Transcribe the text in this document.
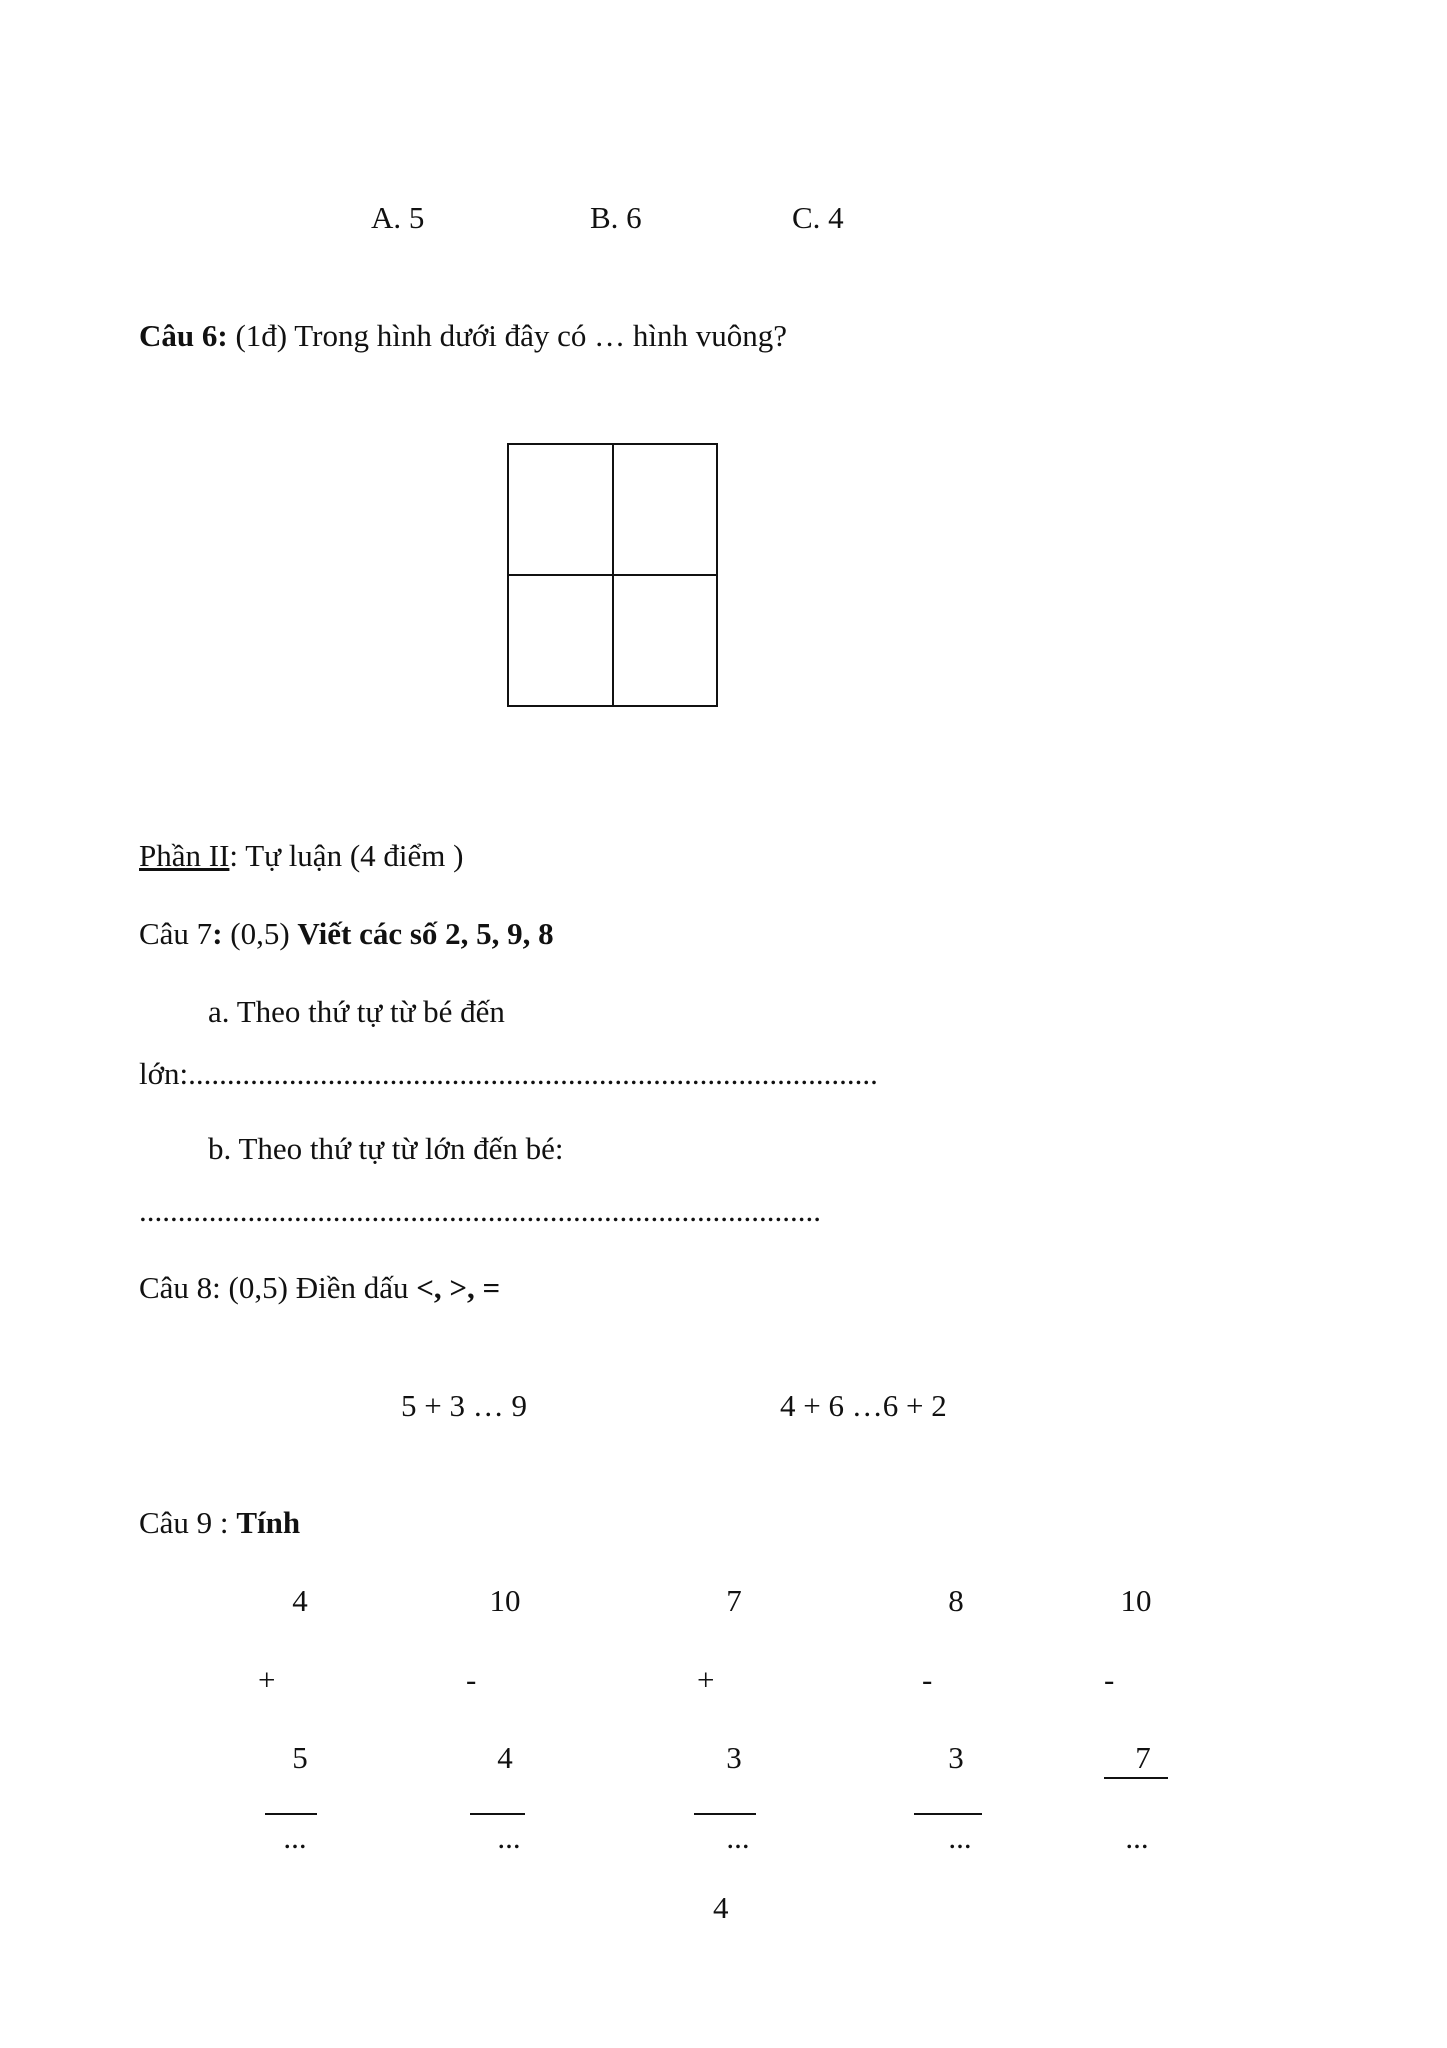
A. 5	B. 6	C. 4
Câu 6: (1đ) Trong hình dưới đây có … hình vuông?
Phần II: Tự luận (4 điểm )
Câu 7: (0,5) Viết các số 2, 5, 9, 8
a. Theo thứ tự từ bé đến
lớn:.........................................................................................
b. Theo thứ tự từ lớn đến bé:
........................................................................................
Câu 8: (0,5) Điền dấu <, >, =
5 + 3 … 9	4 + 6 …6 + 2
Câu 9 : Tính
4
+
5
...
10
-
4
...
7
+
3
...
8
-
3
...
10
-
7
...
4
